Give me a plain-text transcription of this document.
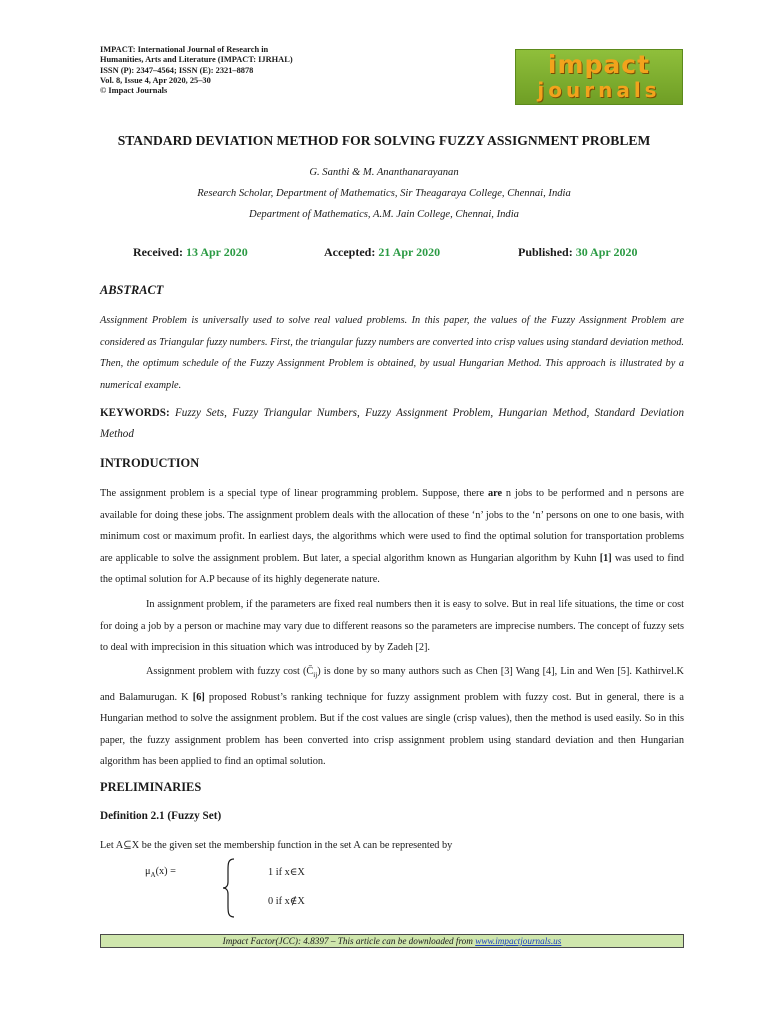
IMPACT: International Journal of Research in
Humanities, Arts and Literature (IMPACT: IJRHAL)
ISSN (P): 2347–4564; ISSN (E): 2321–8878
Vol. 8, Issue 4, Apr 2020, 25–30
© Impact Journals
impact
journals
STANDARD DEVIATION METHOD FOR SOLVING FUZZY ASSIGNMENT PROBLEM
G. Santhi & M. Ananthanarayanan
Research Scholar, Department of Mathematics, Sir Theagaraya College, Chennai, India
Department of Mathematics, A.M. Jain College, Chennai, India
Received: 13 Apr 2020	Accepted: 21 Apr 2020	Published: 30 Apr 2020
ABSTRACT

Assignment Problem is universally used to solve real valued problems. In this paper, the values of the Fuzzy Assignment Problem are considered as Triangular fuzzy numbers. First, the triangular fuzzy numbers are converted into crisp values using standard deviation method. Then, the optimum schedule of the Fuzzy Assignment Problem is obtained, by usual Hungarian Method. This approach is illustrated by a numerical example.

KEYWORDS: Fuzzy Sets, Fuzzy Triangular Numbers, Fuzzy Assignment Problem, Hungarian Method, Standard Deviation Method

INTRODUCTION

The assignment problem is a special type of linear programming problem. Suppose, there are n jobs to be performed and n persons are available for doing these jobs. The assignment problem deals with the allocation of these ‘n’ jobs to the ‘n’ persons on one to one basis, with minimum cost or maximum profit. In earliest days, the algorithms which were used to find the optimal solution for transportation problems are applicable to solve the assignment problem. But later, a special algorithm known as Hungarian algorithm by Kuhn [1] was used to find the optimal solution for A.P because of its highly degenerate nature.

In assignment problem, if the parameters are fixed real numbers then it is easy to solve. But in real life situations, the time or cost for doing a job by a person or machine may vary due to different reasons so the parameters are imprecise numbers. The concept of fuzzy sets to deal with imprecision in this situation which was introduced by by Zadeh [2].

Assignment problem with fuzzy cost $(C̄_{ij})$ is done by so many authors such as Chen [3] Wang [4], Lin and Wen [5]. Kathirvel.K and Balamurugan. K [6] proposed Robust’s ranking technique for fuzzy assignment problem with fuzzy cost. But in general, there is a Hungarian method to solve the assignment problem. But if the cost values are single (crisp values), then the method is used easily. So in this paper, the fuzzy assignment problem has been converted into crisp assignment problem using standard deviation and then Hungarian algorithm has been applied to find an optimal solution.

PRELIMINARIES
Definition 2.1 (Fuzzy Set)

Let A⊆X be the given set the membership function in the set A can be represented by

$\mu_A(x)$ =	1 if x∈X
0 if x∉X
Impact Factor(JCC): 4.8397 – This article can be downloaded from www.impactjournals.us
